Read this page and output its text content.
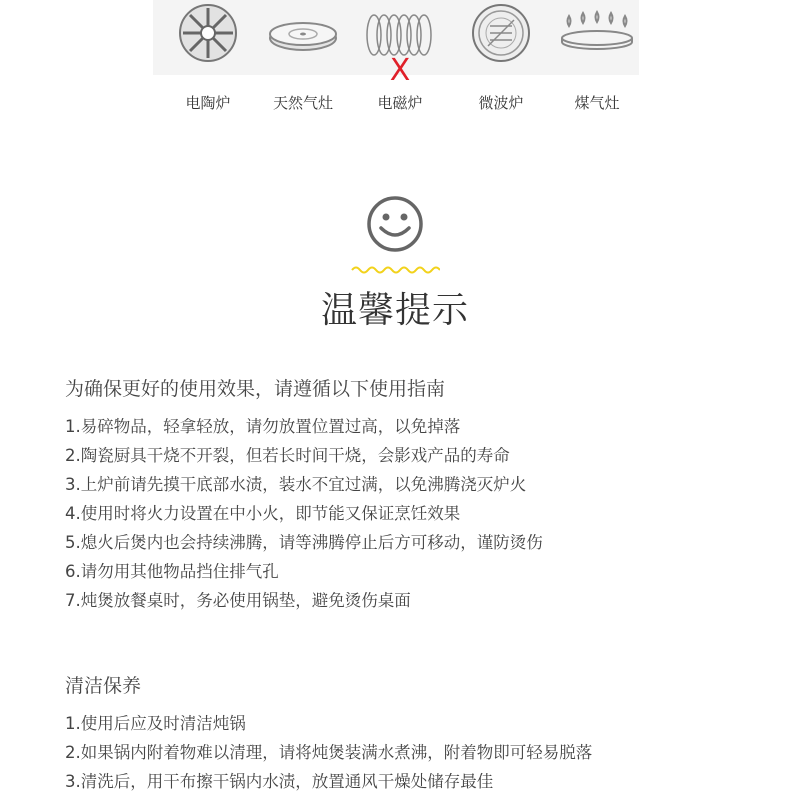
电陶炉	天然气灶	电磁炉
X
微波炉	煤气灶
温馨提示
为确保更好的使用效果，请遵循以下使用指南
1.易碎物品，轻拿轻放，请勿放置位置过高，以免掉落
2.陶瓷厨具干烧不开裂，但若长时间干烧，会影戏产品的寿命
3.上炉前请先摸干底部水渍，装水不宜过满，以免沸腾浇灭炉火
4.使用时将火力设置在中小火，即节能又保证烹饪效果
5.熄火后煲内也会持续沸腾，请等沸腾停止后方可移动，谨防烫伤
6.请勿用其他物品挡住排气孔
7.炖煲放餐桌时，务必使用锅垫，避免烫伤桌面
清洁保养
1.使用后应及时清洁炖锅
2.如果锅内附着物难以清理，请将炖煲装满水煮沸，附着物即可轻易脱落
3.清洗后，用干布擦干锅内水渍，放置通风干燥处储存最佳
